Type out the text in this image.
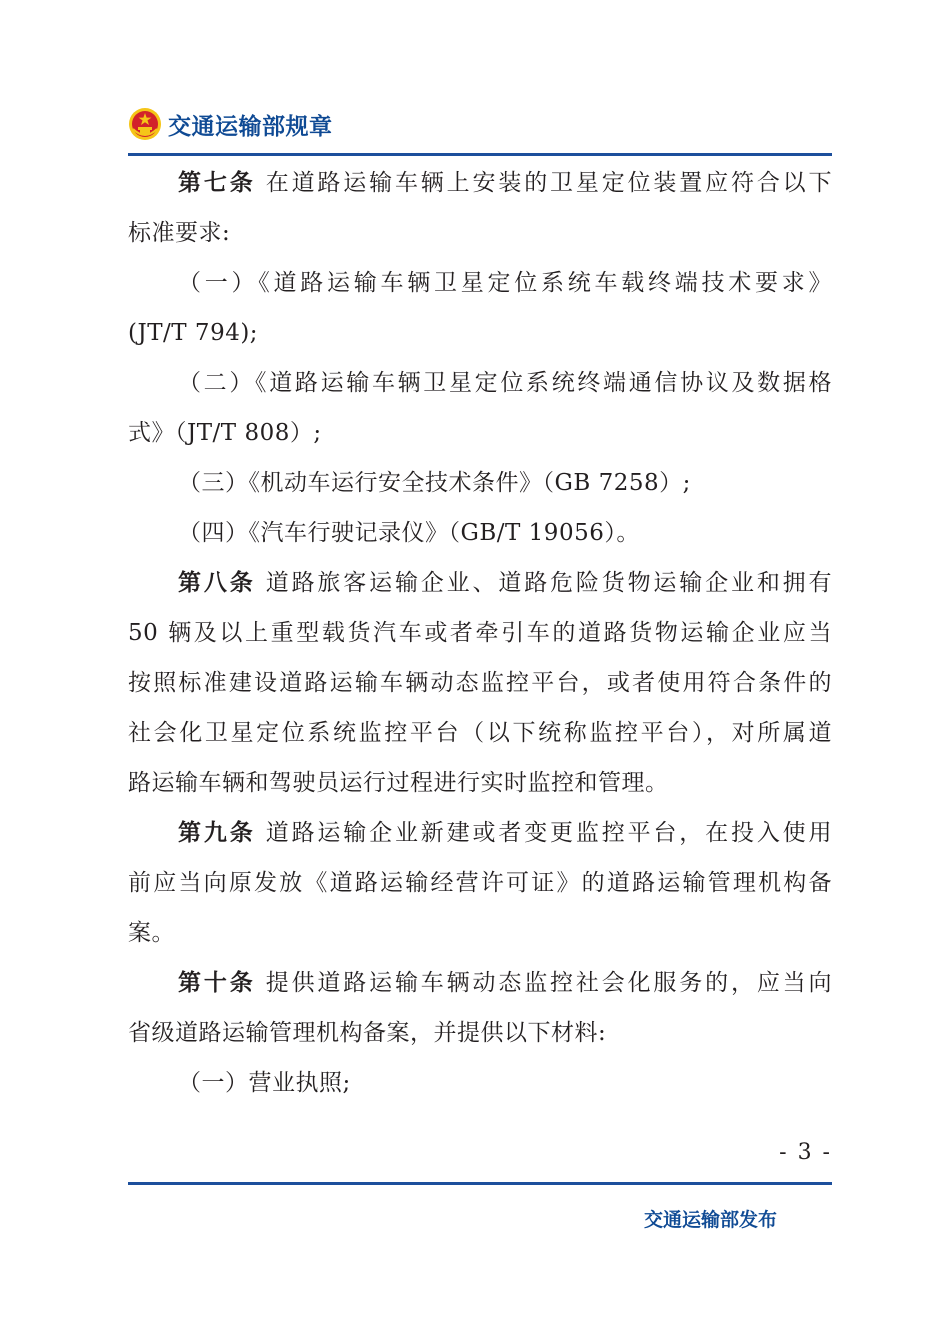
交通运输部规章
第七条 在道路运输车辆上安装的卫星定位装置应符合以下
标准要求:
（一）《道路运输车辆卫星定位系统车载终端技术要求》
(JT/T 794);
（二）《道路运输车辆卫星定位系统终端通信协议及数据格
式》（JT/T 808）;
（三）《机动车运行安全技术条件》（GB 7258）;
（四）《汽车行驶记录仪》（GB/T 19056）。
第八条 道路旅客运输企业、道路危险货物运输企业和拥有
50 辆及以上重型载货汽车或者牵引车的道路货物运输企业应当
按照标准建设道路运输车辆动态监控平台，或者使用符合条件的
社会化卫星定位系统监控平台（以下统称监控平台），对所属道
路运输车辆和驾驶员运行过程进行实时监控和管理。
第九条 道路运输企业新建或者变更监控平台，在投入使用
前应当向原发放《道路运输经营许可证》的道路运输管理机构备
案。
第十条 提供道路运输车辆动态监控社会化服务的，应当向
省级道路运输管理机构备案，并提供以下材料:
（一）营业执照;
- 3 -
交通运输部发布
